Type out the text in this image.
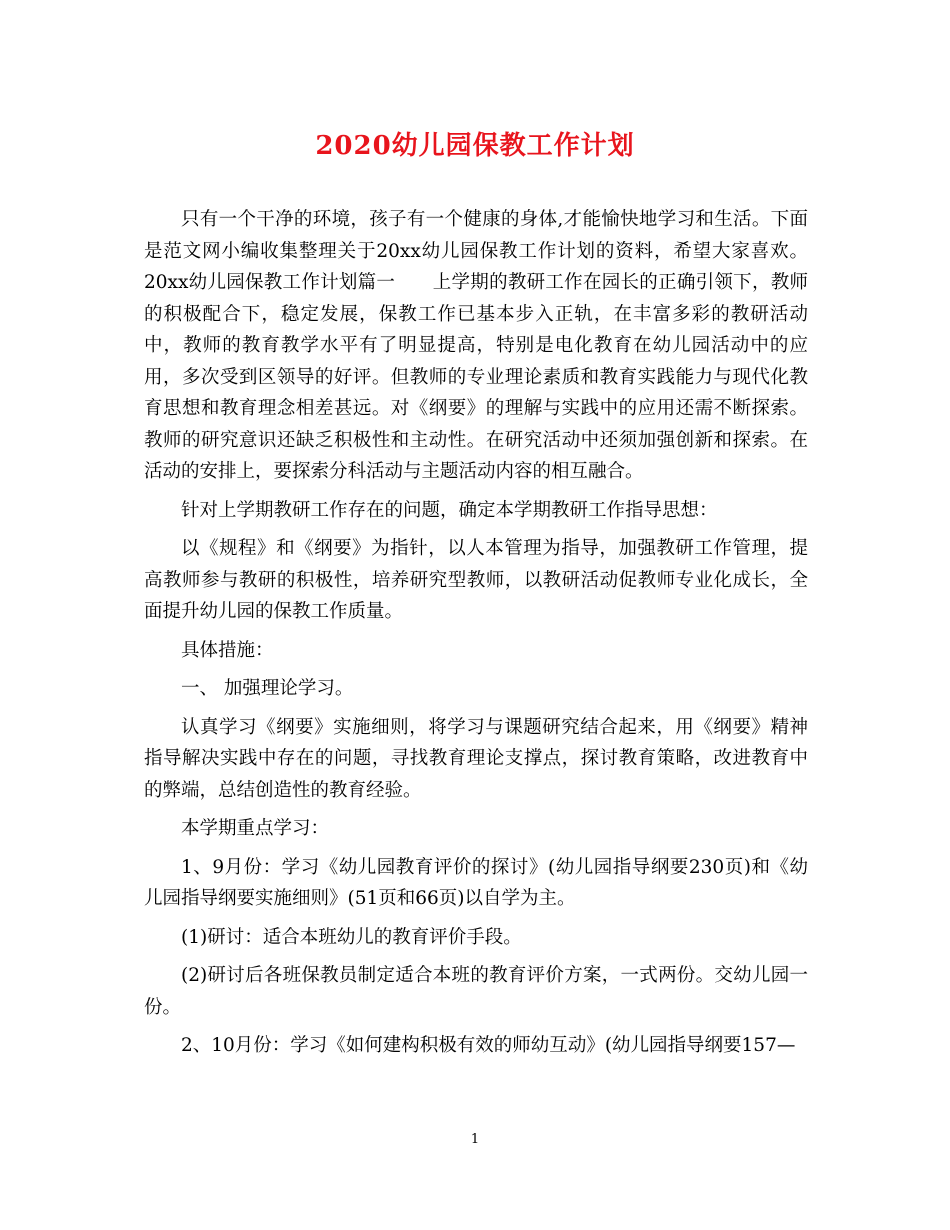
2020幼儿园保教工作计划

只有一个干净的环境，孩子有一个健康的身体,才能愉快地学习和生活。下面是范文网小编收集整理关于20xx幼儿园保教工作计划的资料，希望大家喜欢。20xx幼儿园保教工作计划篇一　　上学期的教研工作在园长的正确引领下，教师的积极配合下，稳定发展，保教工作已基本步入正轨，在丰富多彩的教研活动中，教师的教育教学水平有了明显提高，特别是电化教育在幼儿园活动中的应用，多次受到区领导的好评。但教师的专业理论素质和教育实践能力与现代化教育思想和教育理念相差甚远。对《纲要》的理解与实践中的应用还需不断探索。教师的研究意识还缺乏积极性和主动性。在研究活动中还须加强创新和探索。在活动的安排上，要探索分科活动与主题活动内容的相互融合。

针对上学期教研工作存在的问题，确定本学期教研工作指导思想：

以《规程》和《纲要》为指针，以人本管理为指导，加强教研工作管理，提高教师参与教研的积极性，培养研究型教师，以教研活动促教师专业化成长，全面提升幼儿园的保教工作质量。

具体措施：

一、 加强理论学习。

认真学习《纲要》实施细则，将学习与课题研究结合起来，用《纲要》精神指导解决实践中存在的问题，寻找教育理论支撑点，探讨教育策略，改进教育中的弊端，总结创造性的教育经验。

本学期重点学习：

1、9月份：学习《幼儿园教育评价的探讨》(幼儿园指导纲要230页)和《幼儿园指导纲要实施细则》(51页和66页)以自学为主。

(1)研讨：适合本班幼儿的教育评价手段。

(2)研讨后各班保教员制定适合本班的教育评价方案，一式两份。交幼儿园一份。

2、10月份：学习《如何建构积极有效的师幼互动》(幼儿园指导纲要157—

1
